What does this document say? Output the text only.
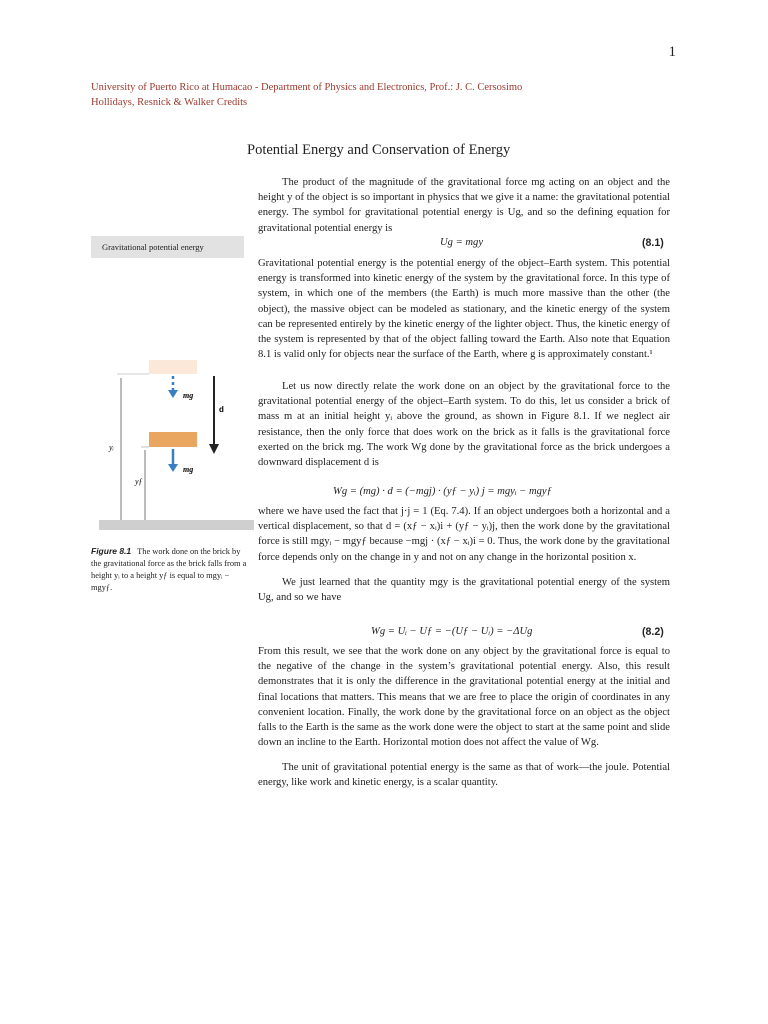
1
University of Puerto Rico at Humacao - Department of Physics and Electronics, Prof.: J. C. Cersosimo
Hollidays, Resnick & Walker Credits
Potential Energy and Conservation of Energy
Gravitational potential energy
mg
d
mg
yᵢ
yƒ
Figure 8.1 The work done on the brick by the gravitational force as the brick falls from a height yᵢ to a height yƒ is equal to mgyᵢ − mgyƒ.

The product of the magnitude of the gravitational force mg acting on an object and the height y of the object is so important in physics that we give it a name: the gravitational potential energy. The symbol for gravitational potential energy is Ug, and so the defining equation for gravitational potential energy is

Ug = mgy	(8.1)

Gravitational potential energy is the potential energy of the object–Earth system. This potential energy is transformed into kinetic energy of the system by the gravitational force. In this type of system, in which one of the members (the Earth) is much more massive than the other (the object), the massive object can be modeled as stationary, and the kinetic energy of the system can be represented entirely by the kinetic energy of the lighter object. Thus, the kinetic energy of the system is represented by that of the object falling toward the Earth. Also note that Equation 8.1 is valid only for objects near the surface of the Earth, where g is approximately constant.¹

Let us now directly relate the work done on an object by the gravitational force to the gravitational potential energy of the object–Earth system. To do this, let us consider a brick of mass m at an initial height yᵢ above the ground, as shown in Figure 8.1. If we neglect air resistance, then the only force that does work on the brick as it falls is the gravitational force exerted on the brick mg. The work Wg done by the gravitational force as the brick undergoes a downward displacement d is

Wg = (mg) · d = (−mgj) · (yƒ − yᵢ) j = mgyᵢ − mgyƒ

where we have used the fact that j·j = 1 (Eq. 7.4). If an object undergoes both a horizontal and a vertical displacement, so that d = (xƒ − xᵢ)i + (yƒ − yᵢ)j, then the work done by the gravitational force is still mgyᵢ − mgyƒ because −mgj · (xƒ − xᵢ)i = 0. Thus, the work done by the gravitational force depends only on the change in y and not on any change in the horizontal position x.

We just learned that the quantity mgy is the gravitational potential energy of the system Ug, and so we have

Wg = Uᵢ − Uƒ = −(Uƒ − Uᵢ) = −ΔUg	(8.2)

From this result, we see that the work done on any object by the gravitational force is equal to the negative of the change in the system’s gravitational potential energy. Also, this result demonstrates that it is only the difference in the gravitational potential energy at the initial and final locations that matters. This means that we are free to place the origin of coordinates in any convenient location. Finally, the work done by the gravitational force on an object as the object falls to the Earth is the same as the work done were the object to start at the same point and slide down an incline to the Earth. Horizontal motion does not affect the value of Wg.

The unit of gravitational potential energy is the same as that of work—the joule. Potential energy, like work and kinetic energy, is a scalar quantity.
